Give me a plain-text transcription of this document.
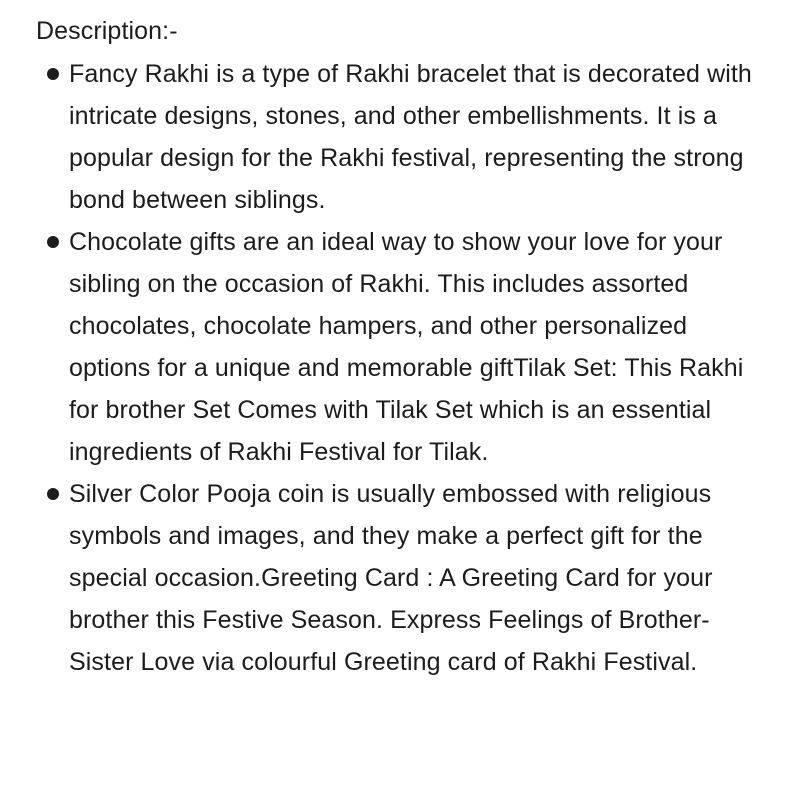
Description:-
Fancy Rakhi is a type of Rakhi bracelet that is decorated with intricate designs, stones, and other embellishments. It is a popular design for the Rakhi festival, representing the strong bond between siblings.
Chocolate gifts are an ideal way to show your love for your sibling on the occasion of Rakhi. This includes assorted chocolates, chocolate hampers, and other personalized options for a unique and memorable giftTilak Set: This Rakhi for brother Set Comes with Tilak Set which is an essential ingredients of Rakhi Festival for Tilak.
Silver Color Pooja coin is usually embossed with religious symbols and images, and they make a perfect gift for the special occasion.Greeting Card : A Greeting Card for your brother this Festive Season. Express Feelings of Brother-Sister Love via colourful Greeting card of Rakhi Festival.
